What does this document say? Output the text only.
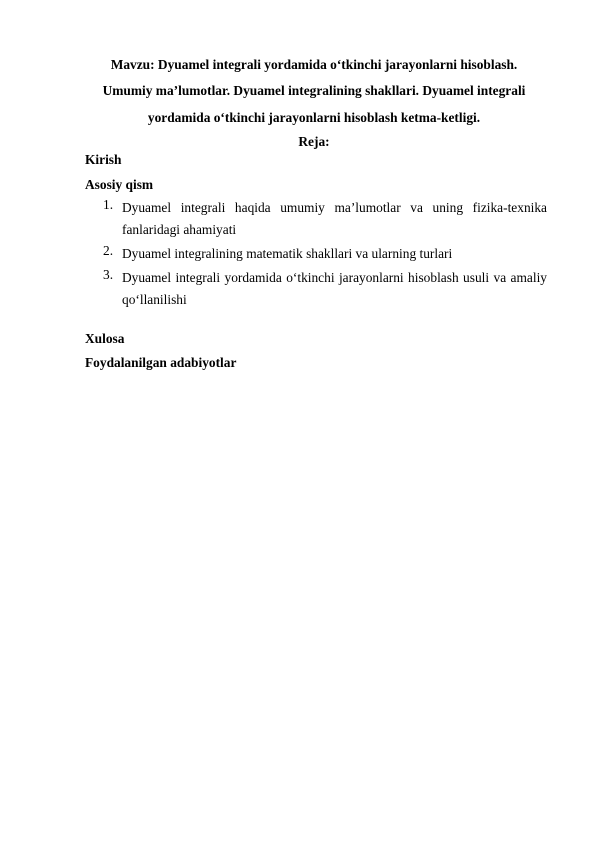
Mavzu: Dyuamel integrali yordamida o‘tkinchi jarayonlarni hisoblash.
Umumiy ma’lumotlar. Dyuamel integralining shakllari. Dyuamel integrali
yordamida o‘tkinchi jarayonlarni hisoblash ketma-ketligi.
Reja:
Kirish
Asosiy qism
1. Dyuamel integrali haqida umumiy ma’lumotlar va uning fizika-texnika
fanlaridagi ahamiyati
2. Dyuamel integralining matematik shakllari va ularning turlari
3. Dyuamel integrali yordamida o‘tkinchi jarayonlarni hisoblash usuli va amaliy
qo‘llanilishi
Xulosa
Foydalanilgan adabiyotlar
